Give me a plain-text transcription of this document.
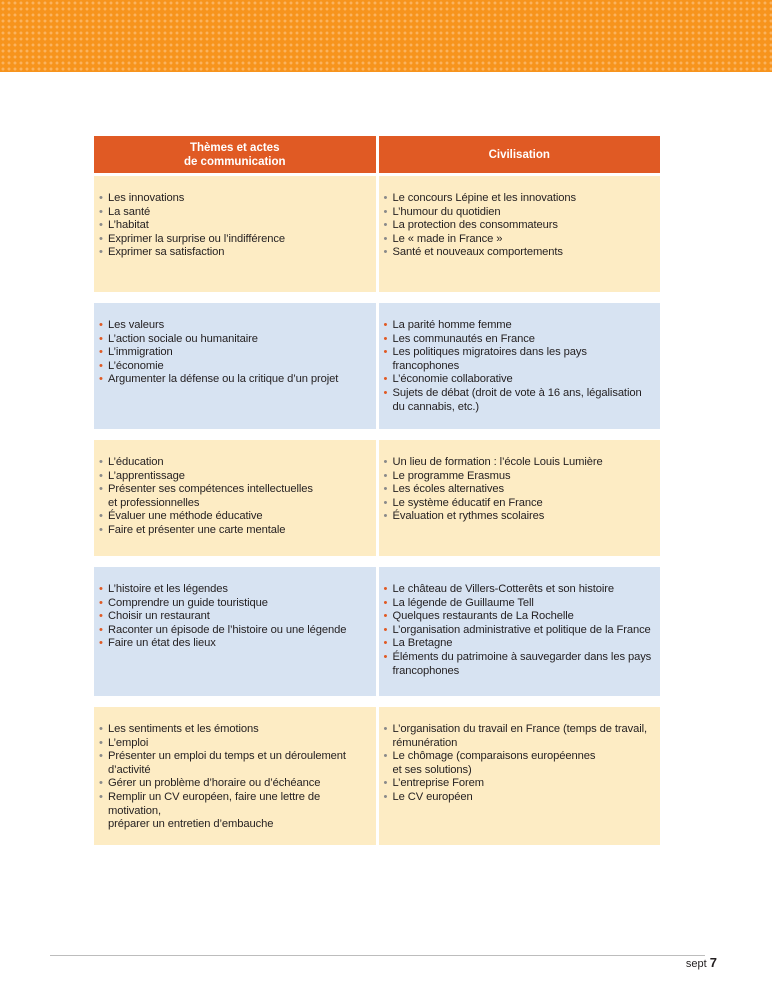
Thèmes et actes
de communication
Civilisation
• Les innovations
• La santé
• L’habitat
• Exprimer la surprise ou l’indifférence
• Exprimer sa satisfaction
• Le concours Lépine et les innovations
• L’humour du quotidien
• La protection des consommateurs
• Le « made in France »
• Santé et nouveaux comportements
• Les valeurs
• L’action sociale ou humanitaire
• L’immigration
• L’économie
• Argumenter la défense ou la critique d’un projet
• La parité homme femme
• Les communautés en France
• Les politiques migratoires dans les pays francophones
• L’économie collaborative
• Sujets de débat (droit de vote à 16 ans, légalisation
du cannabis, etc.)
• L’éducation
• L’apprentissage
• Présenter ses compétences intellectuelles
et professionnelles
• Évaluer une méthode éducative
• Faire et présenter une carte mentale
• Un lieu de formation : l’école Louis Lumière
• Le programme Erasmus
• Les écoles alternatives
• Le système éducatif en France
• Évaluation et rythmes scolaires
• L’histoire et les légendes
• Comprendre un guide touristique
• Choisir un restaurant
• Raconter un épisode de l’histoire ou une légende
• Faire un état des lieux
• Le château de Villers-Cotterêts et son histoire
• La légende de Guillaume Tell
• Quelques restaurants de La Rochelle
• L’organisation administrative et politique de la France
• La Bretagne
• Éléments du patrimoine à sauvegarder dans les pays
francophones
• Les sentiments et les émotions
• L’emploi
• Présenter un emploi du temps et un déroulement
d’activité
• Gérer un problème d’horaire ou d’échéance
• Remplir un CV européen, faire une lettre de motivation,
préparer un entretien d’embauche
• L’organisation du travail en France (temps de travail,
rémunération
• Le chômage (comparaisons européennes
et ses solutions)
• L’entreprise Forem
• Le CV européen
sept 7
